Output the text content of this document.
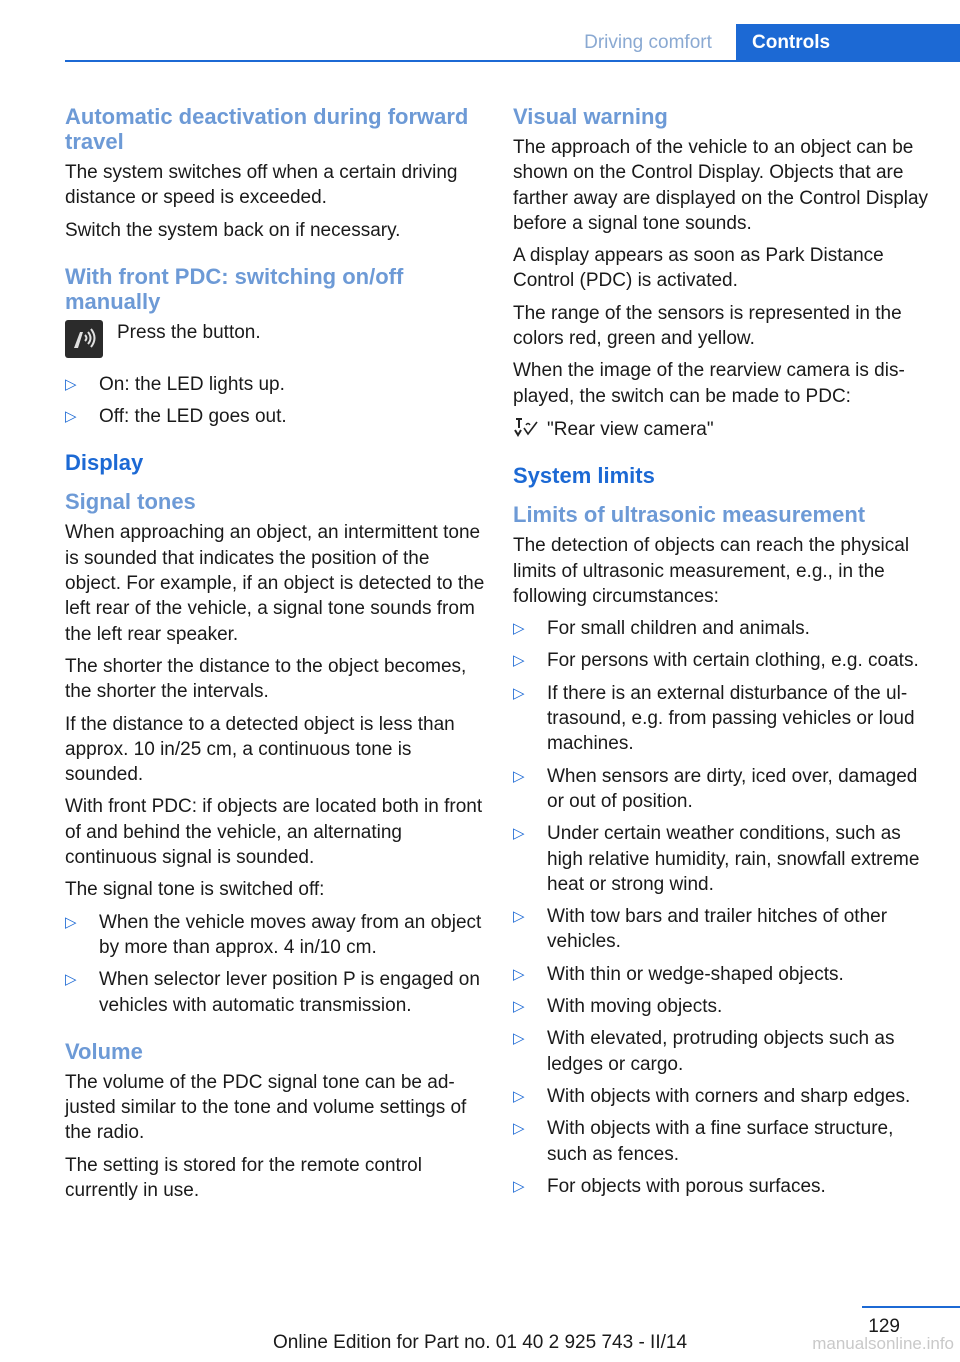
Driving comfort	Controls
Automatic deactivation during forward travel

The system switches off when a certain driving distance or speed is exceeded.

Switch the system back on if necessary.

With front PDC: switching on/off manually

Press the button.

▷ On: the LED lights up.
▷ Off: the LED goes out.
Display
Signal tones

When approaching an object, an intermittent tone is sounded that indicates the position of the object. For example, if an object is detected to the left rear of the vehicle, a signal tone sounds from the left rear speaker.

The shorter the distance to the object becomes, the shorter the intervals.

If the distance to a detected object is less than approx. 10 in/25 cm, a continuous tone is sounded.

With front PDC: if objects are located both in front of and behind the vehicle, an alternating continuous signal is sounded.

The signal tone is switched off:

▷ When the vehicle moves away from an object by more than approx. 4 in/10 cm.
▷ When selector lever position P is engaged on vehicles with automatic transmission.
Volume

The volume of the PDC signal tone can be adjusted similar to the tone and volume settings of the radio.

The setting is stored for the remote control currently in use.

Visual warning

The approach of the vehicle to an object can be shown on the Control Display. Objects that are farther away are displayed on the Control Display before a signal tone sounds.

A display appears as soon as Park Distance Control (PDC) is activated.

The range of the sensors is represented in the colors red, green and yellow.

When the image of the rearview camera is displayed, the switch can be made to PDC:

"Rear view camera"

System limits
Limits of ultrasonic measurement

The detection of objects can reach the physical limits of ultrasonic measurement, e.g., in the following circumstances:

▷ For small children and animals.
▷ For persons with certain clothing, e.g. coats.
▷ If there is an external disturbance of the ultrasound, e.g. from passing vehicles or loud machines.
▷ When sensors are dirty, iced over, damaged or out of position.
▷ Under certain weather conditions, such as high relative humidity, rain, snowfall extreme heat or strong wind.
▷ With tow bars and trailer hitches of other vehicles.
▷ With thin or wedge-shaped objects.
▷ With moving objects.
▷ With elevated, protruding objects such as ledges or cargo.
▷ With objects with corners and sharp edges.
▷ With objects with a fine surface structure, such as fences.
▷ For objects with porous surfaces.
129
Online Edition for Part no. 01 40 2 925 743 - II/14	manualsonline.info
